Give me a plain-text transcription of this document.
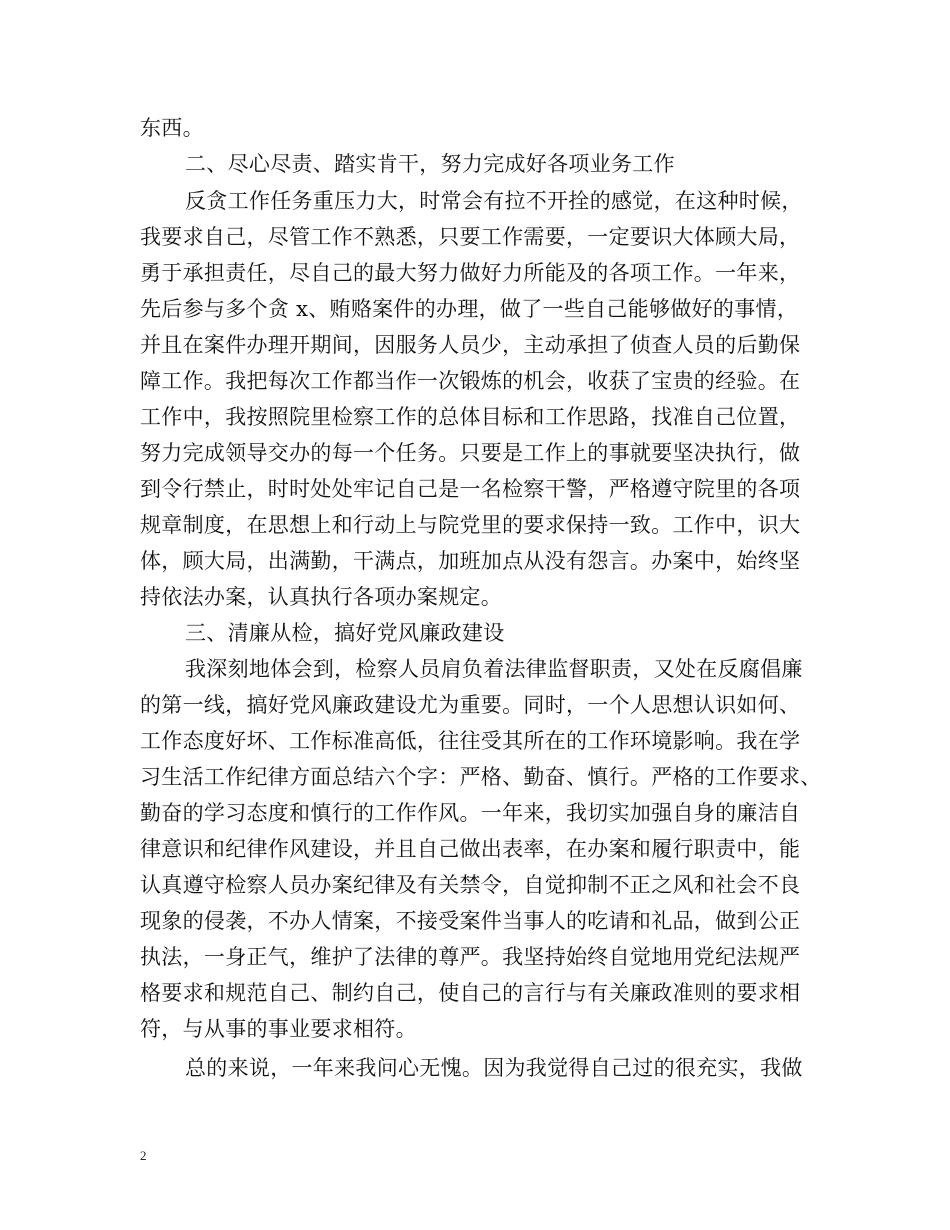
东西。
二、尽心尽责、踏实肯干，努力完成好各项业务工作
反贪工作任务重压力大，时常会有拉不开拴的感觉，在这种时候，
我要求自己，尽管工作不熟悉，只要工作需要，一定要识大体顾大局，
勇于承担责任，尽自己的最大努力做好力所能及的各项工作。一年来，
先后参与多个贪 x、贿赂案件的办理，做了一些自己能够做好的事情，
并且在案件办理开期间，因服务人员少，主动承担了侦查人员的后勤保
障工作。我把每次工作都当作一次锻炼的机会，收获了宝贵的经验。在
工作中，我按照院里检察工作的总体目标和工作思路，找准自己位置，
努力完成领导交办的每一个任务。只要是工作上的事就要坚决执行，做
到令行禁止，时时处处牢记自己是一名检察干警，严格遵守院里的各项
规章制度，在思想上和行动上与院党里的要求保持一致。工作中，识大
体，顾大局，出满勤，干满点，加班加点从没有怨言。办案中，始终坚
持依法办案，认真执行各项办案规定。
三、清廉从检，搞好党风廉政建设
我深刻地体会到，检察人员肩负着法律监督职责，又处在反腐倡廉
的第一线，搞好党风廉政建设尤为重要。同时，一个人思想认识如何、
工作态度好坏、工作标准高低，往往受其所在的工作环境影响。我在学
习生活工作纪律方面总结六个字：严格、勤奋、慎行。严格的工作要求、
勤奋的学习态度和慎行的工作作风。一年来，我切实加强自身的廉洁自
律意识和纪律作风建设，并且自己做出表率，在办案和履行职责中，能
认真遵守检察人员办案纪律及有关禁令，自觉抑制不正之风和社会不良
现象的侵袭，不办人情案，不接受案件当事人的吃请和礼品，做到公正
执法，一身正气，维护了法律的尊严。我坚持始终自觉地用党纪法规严
格要求和规范自己、制约自己，使自己的言行与有关廉政准则的要求相
符，与从事的事业要求相符。
总的来说，一年来我问心无愧。因为我觉得自己过的很充实，我做
2
